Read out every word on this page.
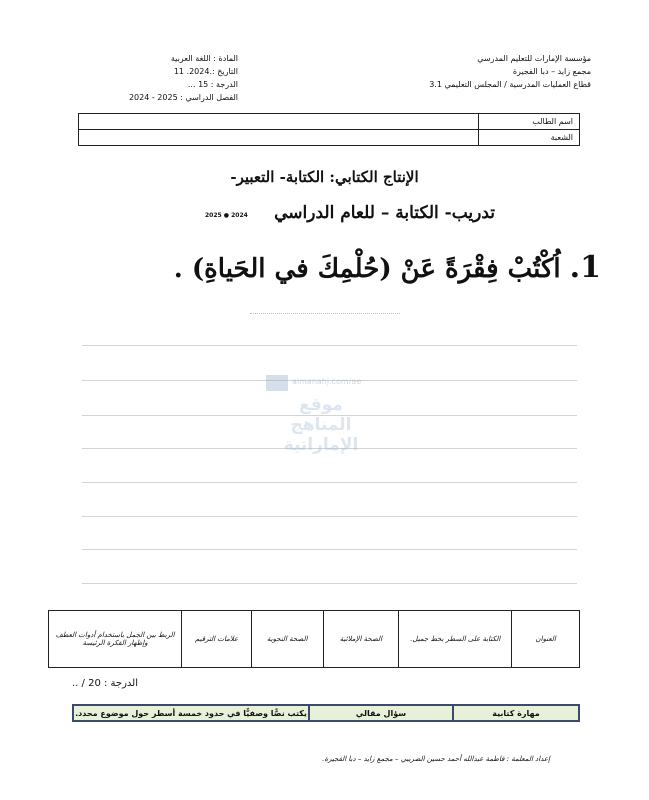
مؤسسة الإمارات للتعليم المدرسي
مجمع زايد – دبا الفجيرة
قطاع العمليات المدرسية / المجلس التعليمي 3.1
المادة : اللغة العربية
التاريخ :.2024. 11
الدرجة : 15 ...
الفصل الدراسي : 2025 - 2024
	اسم الطالب
	الشعبة
الإنتاج الكتابي: الكتابة- التعبير-
تدريب- الكتابة – للعام الدراسي
2025 ● 2024
1. اُكْتُبْ فِقْرَةً عَنْ (حُلْمِكَ في الحَياةِ) .
almanahj.com/ae
موقع المناهج الإماراتية
الربط بين الجمل باستخدام أدوات العطف وإظهار الفكرة الرئيسة	علامات الترقيم	الصحة النحوية	الصحة الإملائية	الكتابة على السطر بخط جميل.	العنوان
الدرجة : 20 / ..
يكتب نصًّا وصفيًّا في حدود خمسة أسطر حول موضوع محدد.	سؤال مقالي	مهارة كتابية
إعداد المعلمة : فاطمة عبدالله أحمد حسين الضريبي – مجمع زايد – دبا الفجيرة.
